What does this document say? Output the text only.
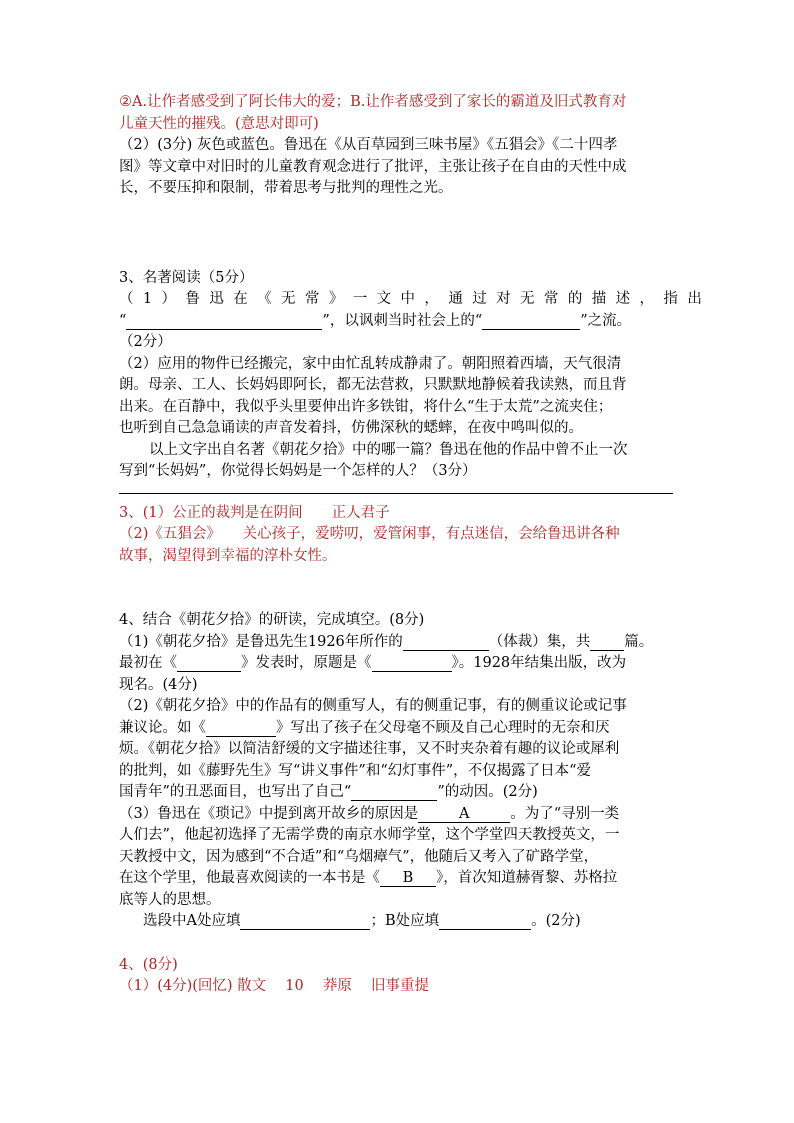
②A.让作者感受到了阿长伟大的爱；B.让作者感受到了家长的霸道及旧式教育对

儿童天性的摧残。(意思对即可)

（2）(3分) 灰色或蓝色。鲁迅在《从百草园到三味书屋》《五猖会》《二十四孝

图》等文章中对旧时的儿童教育观念进行了批评，主张让孩子在自由的天性中成

长，不要压抑和限制，带着思考与批判的理性之光。

3、名著阅读（5分）

（1）鲁迅在《无常》一文中，通过对无常的描述，指出

“	”，以讽刺当时社会上的“	”之流。

（2分）

（2）应用的物件已经搬完，家中由忙乱转成静肃了。朝阳照着西墙，天气很清

朗。母亲、工人、长妈妈即阿长，都无法营救，只默默地静候着我读熟，而且背

出来。在百静中，我似乎头里要伸出许多铁钳，将什么“生于太荒”之流夹住；

也听到自己急急诵读的声音发着抖，仿佛深秋的蟋蟀，在夜中鸣叫似的。

以上文字出自名著《朝花夕拾》中的哪一篇？鲁迅在他的作品中曾不止一次

写到“长妈妈”，你觉得长妈妈是一个怎样的人？（3分）

3、(1）公正的裁判是在阴间   正人君子

（2)《五猖会》   关心孩子，爱唠叨，爱管闲事，有点迷信，会给鲁迅讲各种

故事，渴望得到幸福的淳朴女性。

4、结合《朝花夕拾》的研读，完成填空。(8分)

（1)《朝花夕拾》是鲁迅先生1926年所作的	（体裁）集，共 篇。

最初在《	》发表时，原题是《	》。1928年结集出版，改为

现名。(4分)

（2)《朝花夕拾》中的作品有的侧重写人，有的侧重记事，有的侧重议论或记事

兼议论。如《	》写出了孩子在父母毫不顾及自己心理时的无奈和厌

烦。《朝花夕拾》以简洁舒缓的文字描述往事，又不时夹杂着有趣的议论或犀利

的批判，如《藤野先生》写“讲义事件”和“幻灯事件”，不仅揭露了日本“爱

国青年”的丑恶面目，也写出了自己“	”的动因。(2分)

（3）鲁迅在《琐记》中提到离开故乡的原因是	A	。为了“寻别一类

人们去”，他起初选择了无需学费的南京水师学堂，这个学堂四天教授英文，一

天教授中文，因为感到“不合适”和“乌烟瘴气”，他随后又考入了矿路学堂，

在这个学里，他最喜欢阅读的一本书是《 B 》，首次知道赫胥黎、苏格拉

底等人的思想。

选段中A处应填	；B处应填	。(2分)

4、(8分)

（1）(4分)(回忆) 散文　 10　 莽原　 旧事重提
